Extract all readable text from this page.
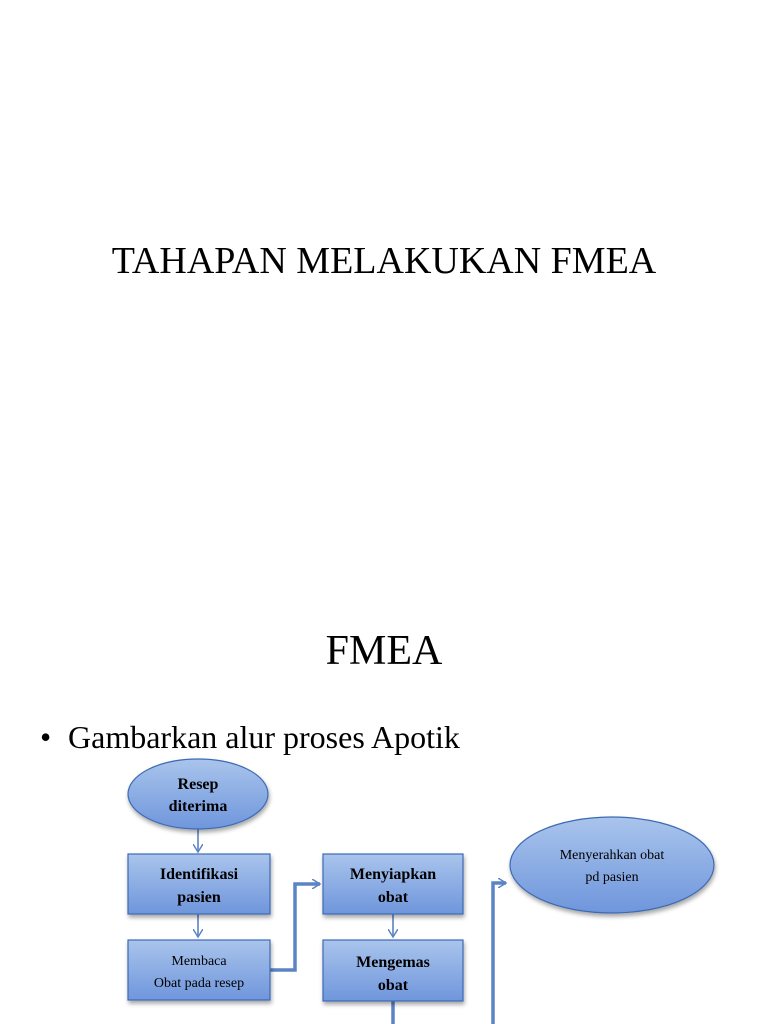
TAHAPAN MELAKUKAN FMEA
FMEA
• Gambarkan alur proses Apotik
Resep
diterima
Identifikasi
pasien
Membaca
Obat pada resep
Menyiapkan
obat
Mengemas
obat
Menyerahkan obat
pd pasien
